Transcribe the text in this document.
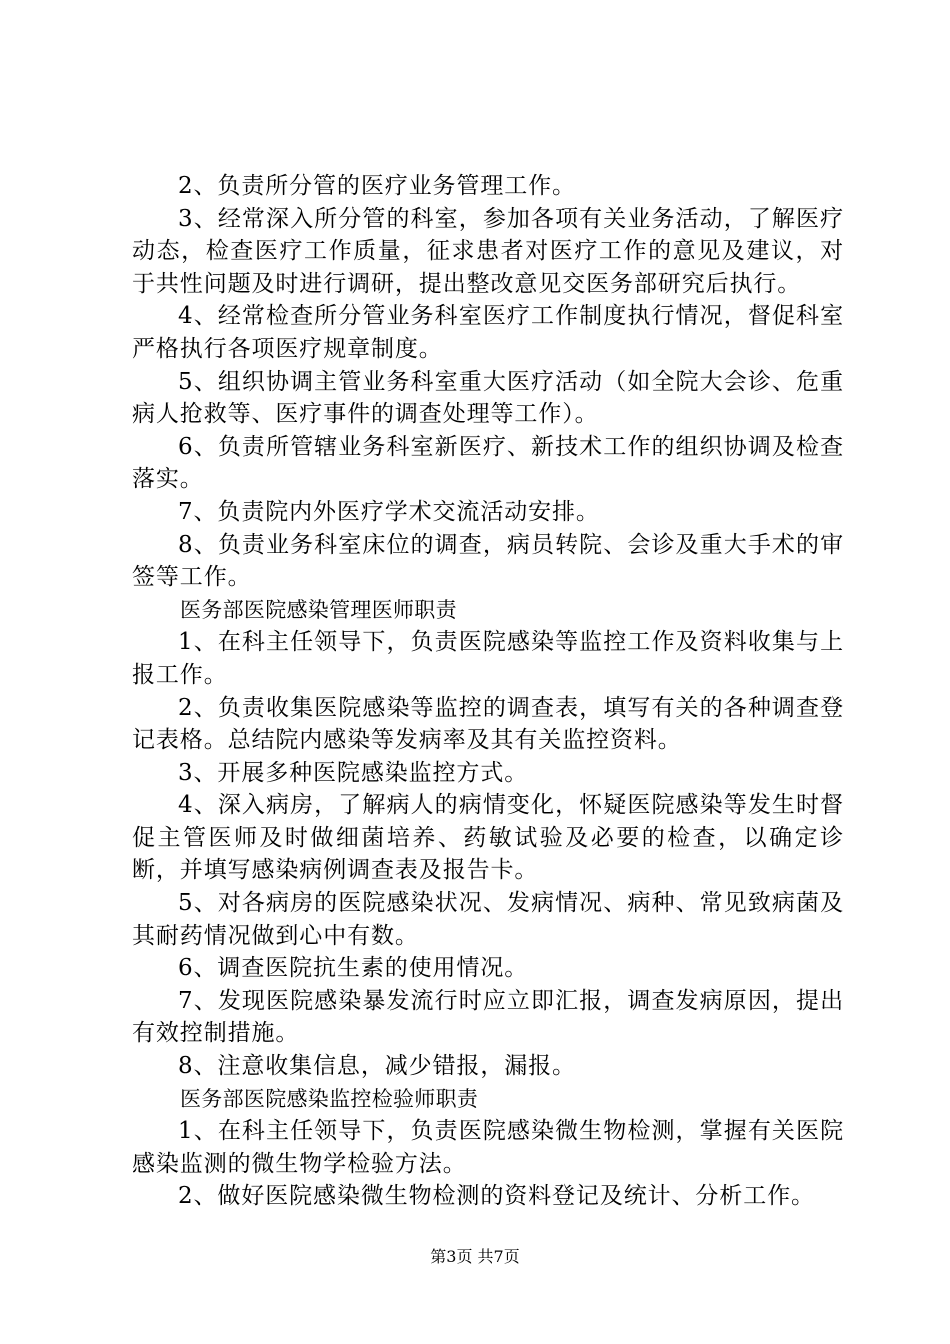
2、负责所分管的医疗业务管理工作。

3、经常深入所分管的科室，参加各项有关业务活动，了解医疗动态，检查医疗工作质量，征求患者对医疗工作的意见及建议，对于共性问题及时进行调研，提出整改意见交医务部研究后执行。

4、经常检查所分管业务科室医疗工作制度执行情况，督促科室严格执行各项医疗规章制度。

5、组织协调主管业务科室重大医疗活动（如全院大会诊、危重病人抢救等、医疗事件的调查处理等工作）。

6、负责所管辖业务科室新医疗、新技术工作的组织协调及检查落实。

7、负责院内外医疗学术交流活动安排。

8、负责业务科室床位的调查，病员转院、会诊及重大手术的审签等工作。

医务部医院感染管理医师职责

1、在科主任领导下，负责医院感染等监控工作及资料收集与上报工作。

2、负责收集医院感染等监控的调查表，填写有关的各种调查登记表格。总结院内感染等发病率及其有关监控资料。

3、开展多种医院感染监控方式。

4、深入病房，了解病人的病情变化，怀疑医院感染等发生时督促主管医师及时做细菌培养、药敏试验及必要的检查，以确定诊断，并填写感染病例调查表及报告卡。

5、对各病房的医院感染状况、发病情况、病种、常见致病菌及其耐药情况做到心中有数。

6、调查医院抗生素的使用情况。

7、发现医院感染暴发流行时应立即汇报，调查发病原因，提出有效控制措施。

8、注意收集信息，减少错报，漏报。

医务部医院感染监控检验师职责

1、在科主任领导下，负责医院感染微生物检测，掌握有关医院感染监测的微生物学检验方法。

2、做好医院感染微生物检测的资料登记及统计、分析工作。

第3页 共7页
